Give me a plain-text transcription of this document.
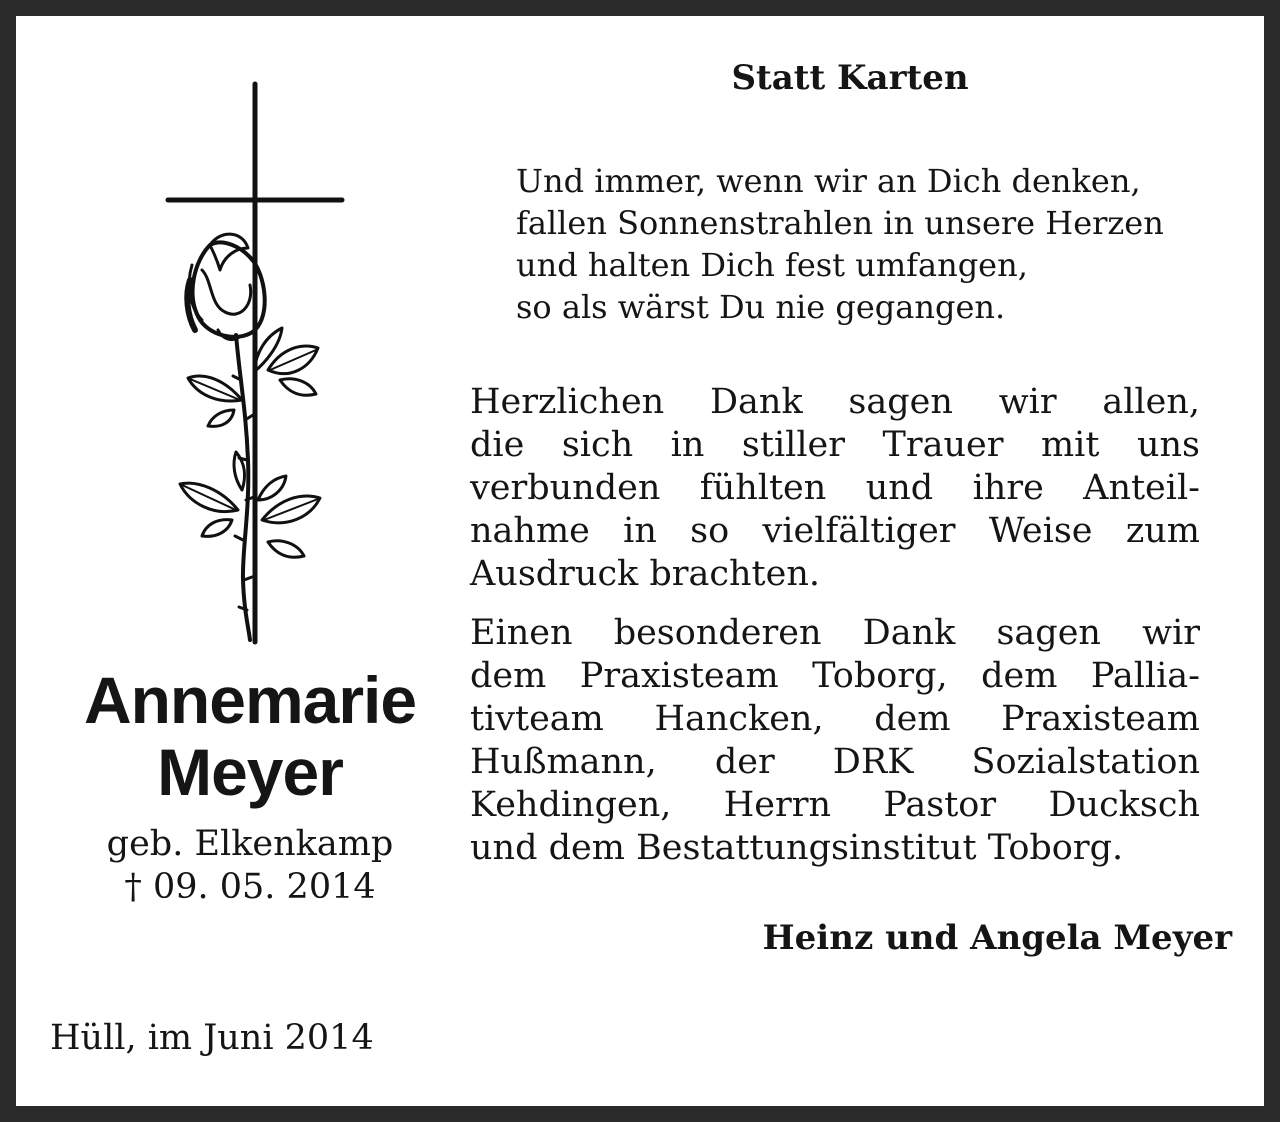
Statt Karten
Und immer, wenn wir an Dich denken,
fallen Sonnenstrahlen in unsere Herzen
und halten Dich fest umfangen,
so als wärst Du nie gegangen.
Herzlichen Dank sagen wir allen,
die sich in stiller Trauer mit uns
verbunden fühlten und ihre Anteil-
nahme in so vielfältiger Weise zum
Ausdruck brachten.
Einen besonderen Dank sagen wir
dem Praxisteam Toborg, dem Pallia-
tivteam Hancken, dem Praxisteam
Hußmann, der DRK Sozialstation
Kehdingen, Herrn Pastor Ducksch
und dem Bestattungsinstitut Toborg.
Heinz und Angela Meyer
Annemarie
Meyer
geb. Elkenkamp
† 09. 05. 2014
Hüll, im Juni 2014
